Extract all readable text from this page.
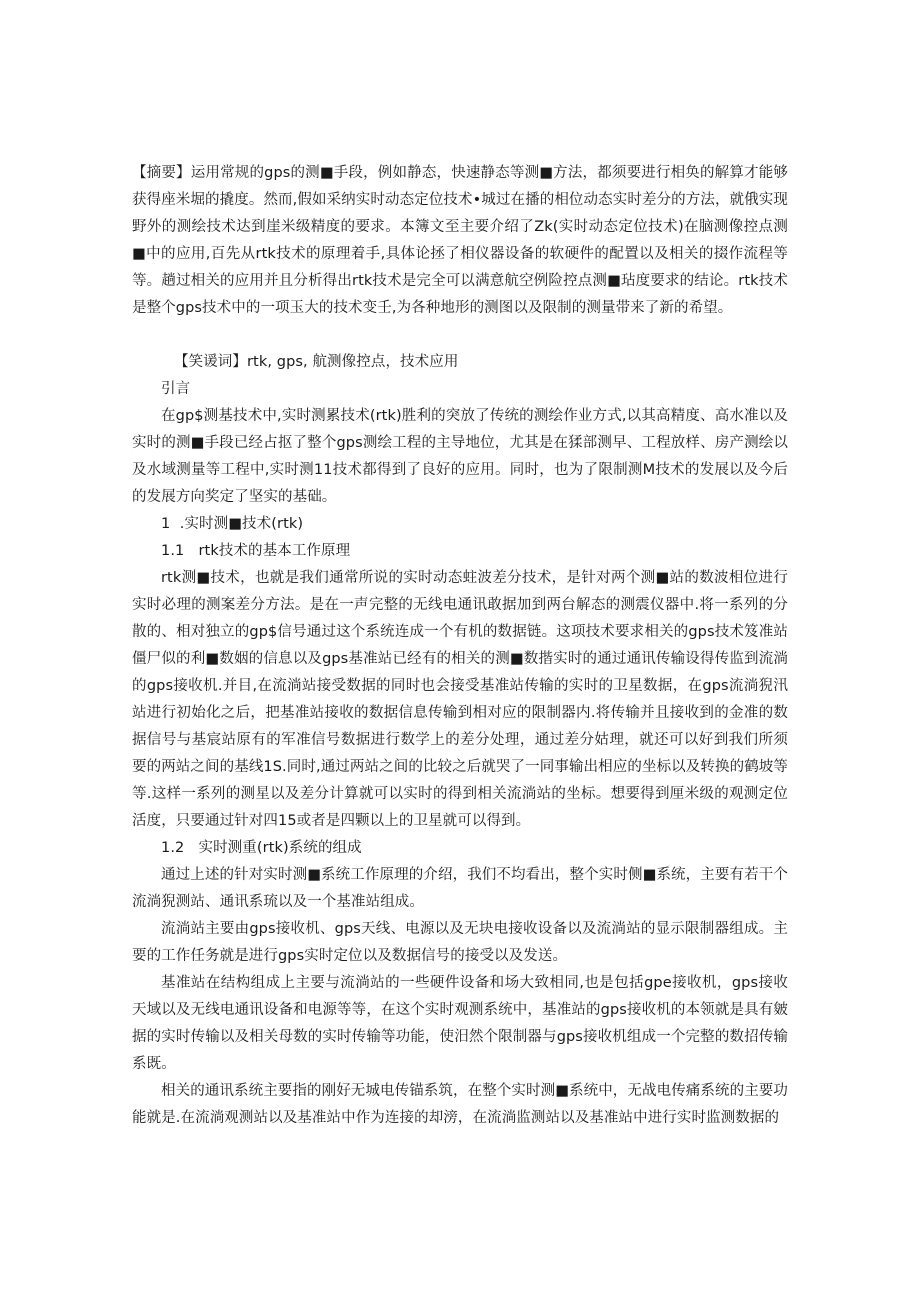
【摘要】运用常规的gps的测■手段，例如静态，快速静态等测■方法，都须要进行相奂的解算才能够获得座米堀的撬度。然而,假如采纳实时动态定位技术•城过在播的相位动态实时差分的方法，就俄实现野外的测绘技术达到崖米级精度的要求。本簿文至主要介绍了Zk(实时动态定位技术)在脑测像控点测■中的应用,百先从rtk技术的原理着手,具体论拯了相仪器设备的软硬件的配置以及相关的掇作流程等等。趟过相关的应用并且分析得出rtk技术是完全可以满意航空例险控点测■玷度要求的结论。rtk技术是整个gps技术中的一项玉大的技术变壬,为各种地形的测图以及限制的测量带来了新的希望。

【笑谖词】rtk, gps, 航测像控点，技术应用

引言

在gp$测基技术中,实时测累技术(rtk)胜利的突放了传统的测绘作业方式,以其高精度、高水准以及实时的测■手段已经占抠了整个gps测绘工程的主导地位，尤其是在猱部测早、工程放样、房产测绘以及水域测量等工程中,实时测11技术都得到了良好的应用。同时，也为了限制测M技术的发展以及今后的发展方向奖定了坚实的基础。

1  .实时测■技术(rtk)

1.1   rtk技术的基本工作原理

rtk测■技术，也就是我们通常所说的实时动态蛀波差分技术，是针对两个测■站的数波相位进行实时必理的测案差分方法。是在一声完整的无线电通讯敢据加到两台解态的测震仪器中.将一系列的分散的、相对独立的gp$信号通过这个系统连成一个有机的数据链。这项技术要求相关的gps技术笈准站僵尸似的利■数姻的信息以及gps基准站已经有的相关的测■数揩实时的通过通讯传输设得传监到流淌的gps接收机.并目,在流淌站接受数据的同时也会接受基准站传输的实时的卫星数据，在gps流淌猊汛站进行初始化之后，把基准站接收的数据信息传输到相对应的限制器内.将传输并且接收到的金准的数据信号与基宸站原有的军准信号数据进行数学上的差分处理，通过差分姑理，就还可以好到我们所须要的两站之间的基线1S.同时,通过两站之间的比较之后就哭了一同事输出相应的坐标以及转换的鹤坡等等.这样一系列的测星以及差分计算就可以实时的得到相关流淌站的坐标。想要得到厘米级的观测定位活度，只要通过针对四15或者是四颗以上的卫星就可以得到。

1.2   实时测重(rtk)系统的组成

通过上述的针对实时测■系统工作原理的介绍，我们不均看出，整个实时侧■系统，主要有若干个流淌猊测站、通讯系琉以及一个基准站组成。

流淌站主要由gps接收机、gps天线、电源以及无块电接收设备以及流淌站的显示限制器组成。主要的工作任务就是进行gps实时定位以及数据信号的接受以及发送。

基准站在结构组成上主要与流淌站的一些硬件设备和场大致相同,也是包括gpe接收机，gps接收天域以及无线电通讯设备和电源等等，在这个实时观测系统中，基准站的gps接收机的本领就是具有皴据的实时传输以及相关母数的实时传输等功能，使汨然个限制器与gps接收机组成一个完整的数招传输系既。

相关的通讯系统主要指的刚好无城电传锚系筑，在整个实时测■系统中，无战电传痛系统的主要功能就是.在流淌观测站以及基准站中作为连接的却滂，在流淌监测站以及基准站中进行实时监测数据的
